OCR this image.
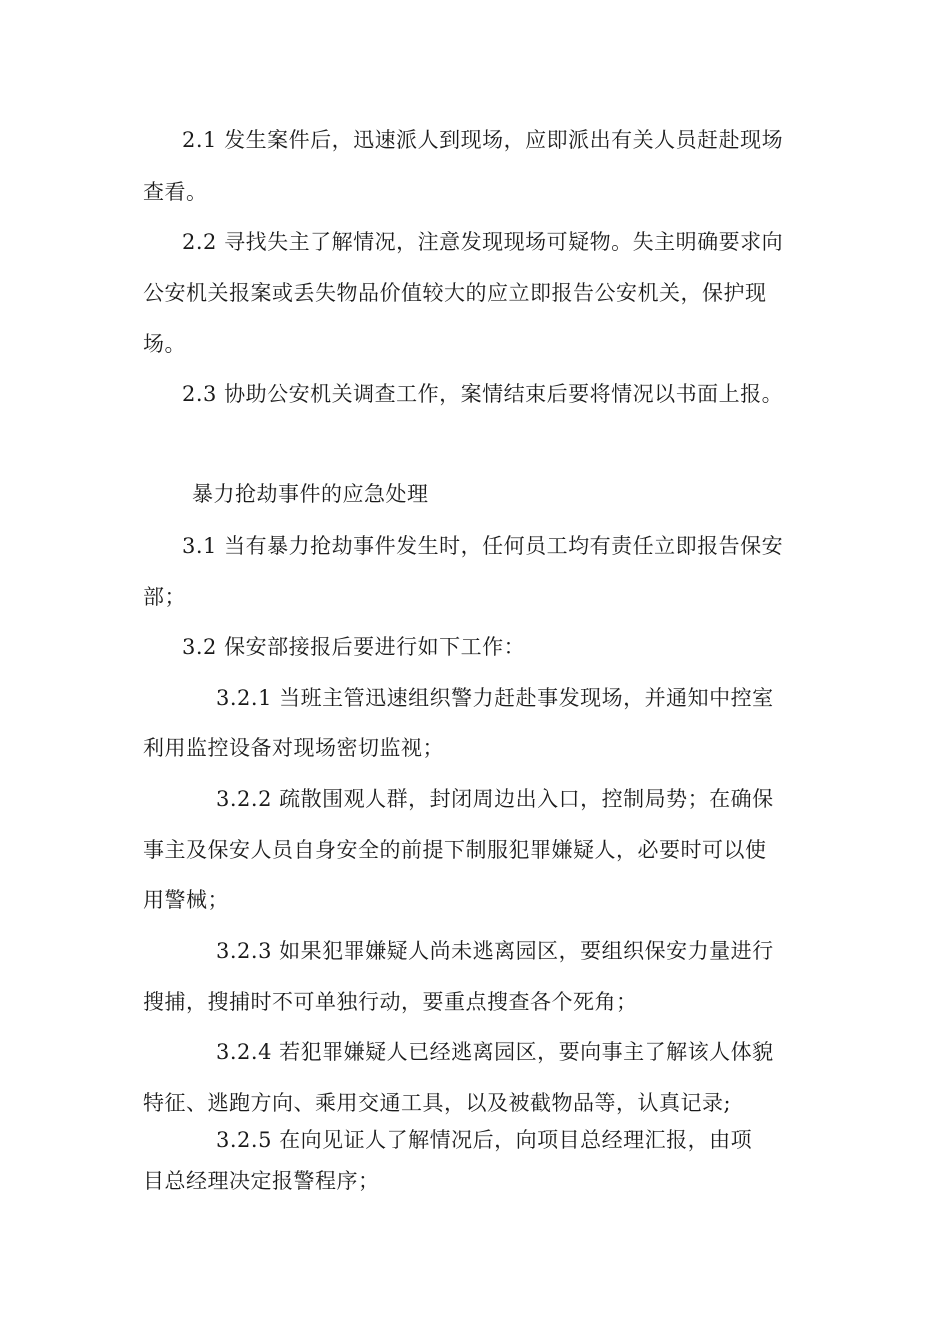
2.1 发生案件后，迅速派人到现场，应即派出有关人员赶赴现场
查看。
2.2 寻找失主了解情况，注意发现现场可疑物。失主明确要求向
公安机关报案或丢失物品价值较大的应立即报告公安机关，保护现
场。
2.3 协助公安机关调查工作，案情结束后要将情况以书面上报。
暴力抢劫事件的应急处理
3.1 当有暴力抢劫事件发生时，任何员工均有责任立即报告保安
部；
3.2 保安部接报后要进行如下工作：
3.2.1 当班主管迅速组织警力赶赴事发现场，并通知中控室
利用监控设备对现场密切监视；
3.2.2 疏散围观人群，封闭周边出入口，控制局势；在确保
事主及保安人员自身安全的前提下制服犯罪嫌疑人，必要时可以使
用警械；
3.2.3 如果犯罪嫌疑人尚未逃离园区，要组织保安力量进行
搜捕，搜捕时不可单独行动，要重点搜查各个死角；
3.2.4 若犯罪嫌疑人已经逃离园区，要向事主了解该人体貌
特征、逃跑方向、乘用交通工具，以及被截物品等，认真记录;
3.2.5 在向见证人了解情况后，向项目总经理汇报，由项
目总经理决定报警程序；
